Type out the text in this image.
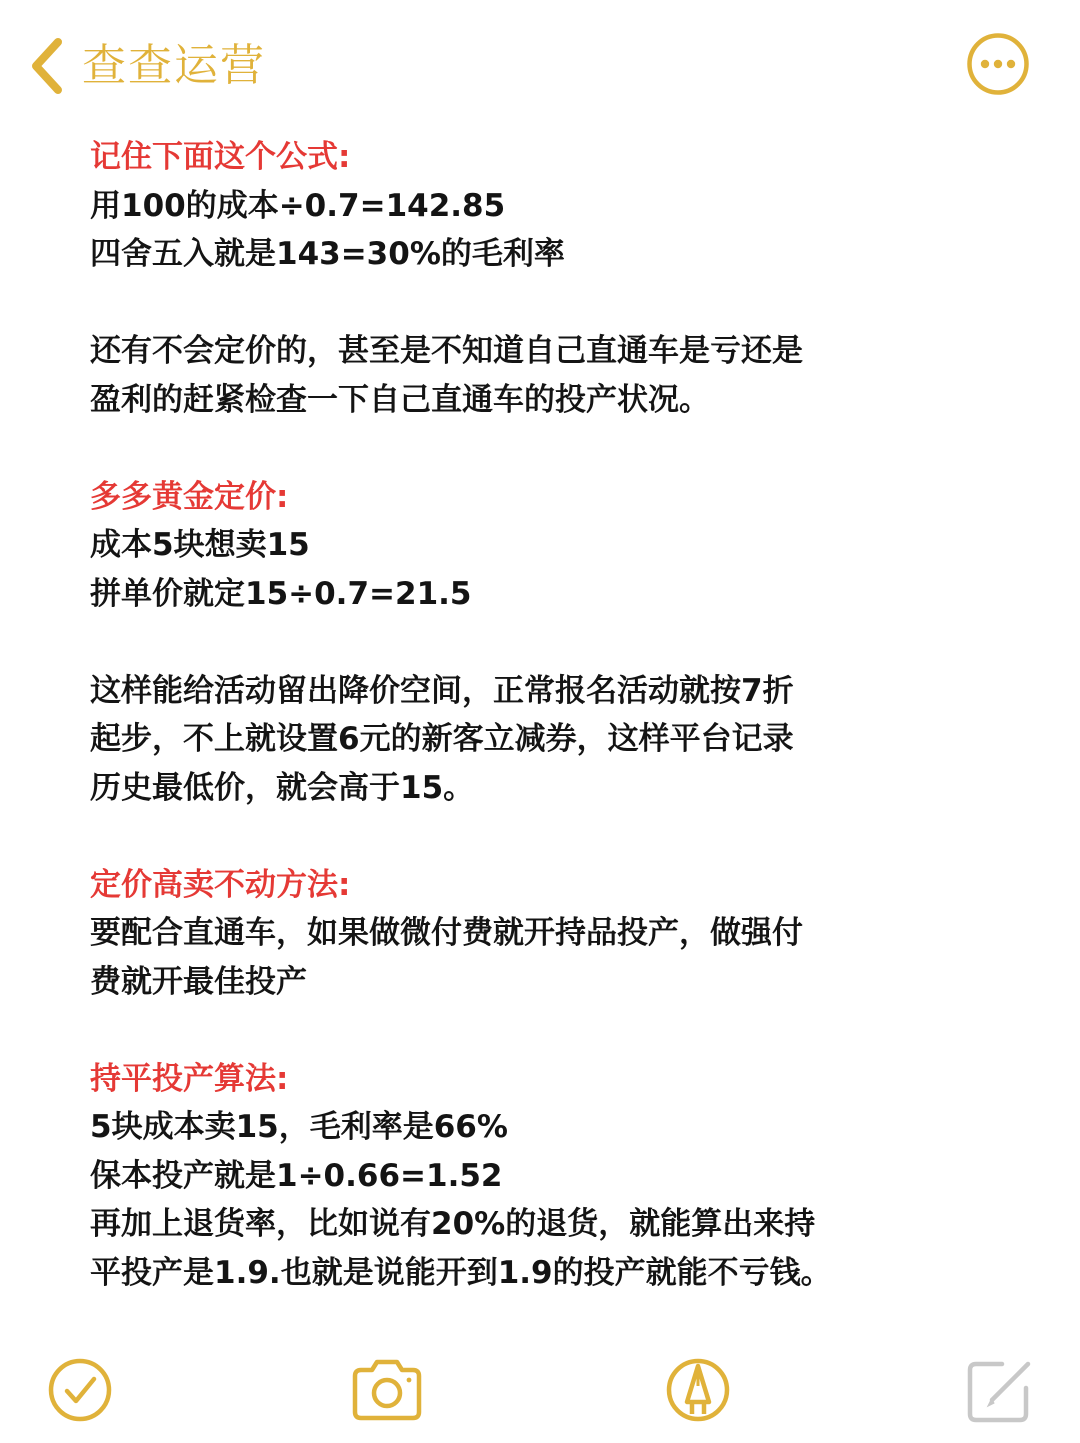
查查运营
记住下面这个公式:
用100的成本÷0.7=142.85
四舍五入就是143=30%的毛利率
还有不会定价的，甚至是不知道自己直通车是亏还是
盈利的赶紧检查一下自己直通车的投产状况。
多多黄金定价:
成本5块想卖15
拼单价就定15÷0.7=21.5
这样能给活动留出降价空间，正常报名活动就按7折
起步，不上就设置6元的新客立减券，这样平台记录
历史最低价，就会高于15。
定价高卖不动方法:
要配合直通车，如果做微付费就开持品投产，做强付
费就开最佳投产
持平投产算法:
5块成本卖15，毛利率是66%
保本投产就是1÷0.66=1.52
再加上退货率，比如说有20%的退货，就能算出来持
平投产是1.9.也就是说能开到1.9的投产就能不亏钱。
